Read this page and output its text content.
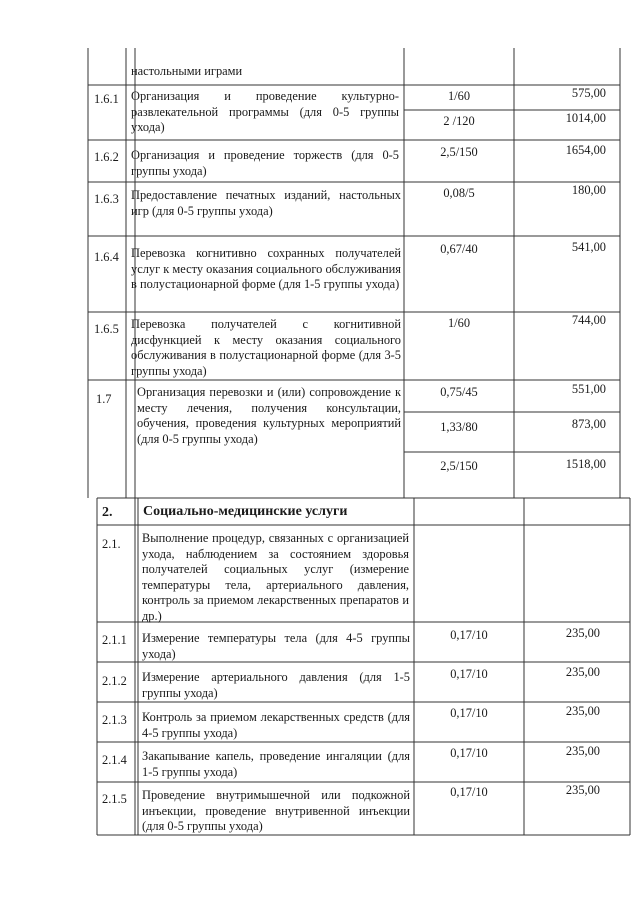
настольными играми
1.6.1 Организация и проведение культурно-развлекательной программы (для 0-5 группы ухода)
1/60	575,00
2 /120	1014,00
1.6.2 Организация и проведение торжеств (для 0-5 группы ухода)
2,5/150	1654,00
1.6.3 Предоставление печатных изданий, настольных игр (для 0-5 группы ухода)
0,08/5	180,00
1.6.4 Перевозка когнитивно сохранных получателей услуг к месту оказания социального обслуживания в полустационарной форме (для 1-5 группы ухода)
0,67/40	541,00
1.6.5 Перевозка получателей с когнитивной дисфункцией к месту оказания социального обслуживания в полустационарной форме (для 3-5 группы ухода)
1/60	744,00
1.7 Организация перевозки и (или) сопровождение к месту лечения, получения консультации, обучения, проведения культурных мероприятий (для 0-5 группы ухода)
0,75/45	551,00
1,33/80	873,00
2,5/150	1518,00
2. Социально-медицинские услуги
2.1. Выполнение процедур, связанных с организацией ухода, наблюдением за состоянием здоровья получателей социальных услуг (измерение температуры тела, артериального давления, контроль за приемом лекарственных препаратов и др.)
2.1.1 Измерение температуры тела (для 4-5 группы ухода)
0,17/10	235,00
2.1.2 Измерение артериального давления (для 1-5 группы ухода)
0,17/10	235,00
2.1.3 Контроль за приемом лекарственных средств (для 4-5 группы ухода)
0,17/10	235,00
2.1.4 Закапывание капель, проведение ингаляции (для 1-5 группы ухода)
0,17/10	235,00
2.1.5 Проведение внутримышечной или подкожной инъекции, проведение внутривенной инъекции (для 0-5 группы ухода)
0,17/10	235,00
